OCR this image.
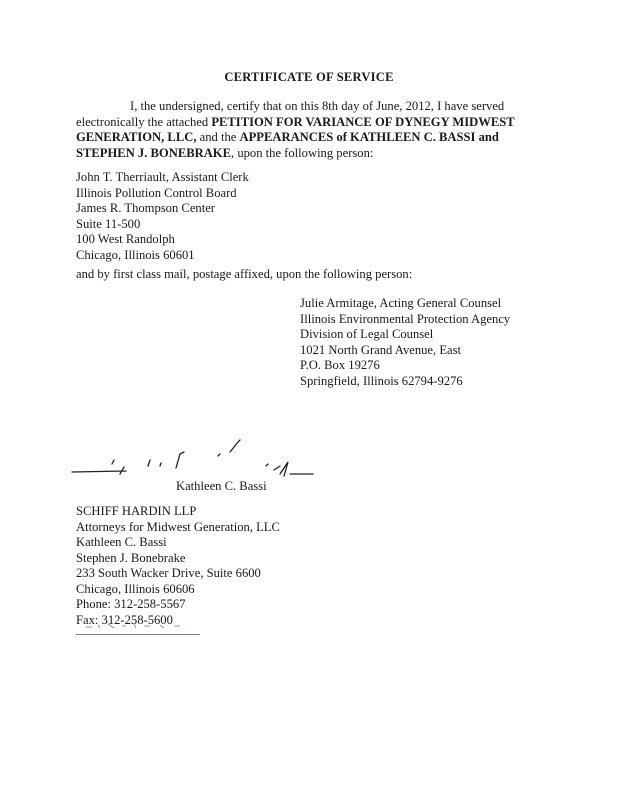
CERTIFICATE OF SERVICE
I, the undersigned, certify that on this 8th day of June, 2012, I have served electronically the attached PETITION FOR VARIANCE OF DYNEGY MIDWEST GENERATION, LLC, and the APPEARANCES of KATHLEEN C. BASSI and STEPHEN J. BONEBRAKE, upon the following person:
John T. Therriault, Assistant Clerk
Illinois Pollution Control Board
James R. Thompson Center
Suite 11-500
100 West Randolph
Chicago, Illinois 60601
and by first class mail, postage affixed, upon the following person:
Julie Armitage, Acting General Counsel
Illinois Environmental Protection Agency
Division of Legal Counsel
1021 North Grand Avenue, East
P.O. Box 19276
Springfield, Illinois 62794-9276
Kathleen C. Bassi
SCHIFF HARDIN LLP
Attorneys for Midwest Generation, LLC
Kathleen C. Bassi
Stephen J. Bonebrake
233 South Wacker Drive, Suite 6600
Chicago, Illinois 60606
Phone: 312-258-5567
Fax: 312-258-5600
